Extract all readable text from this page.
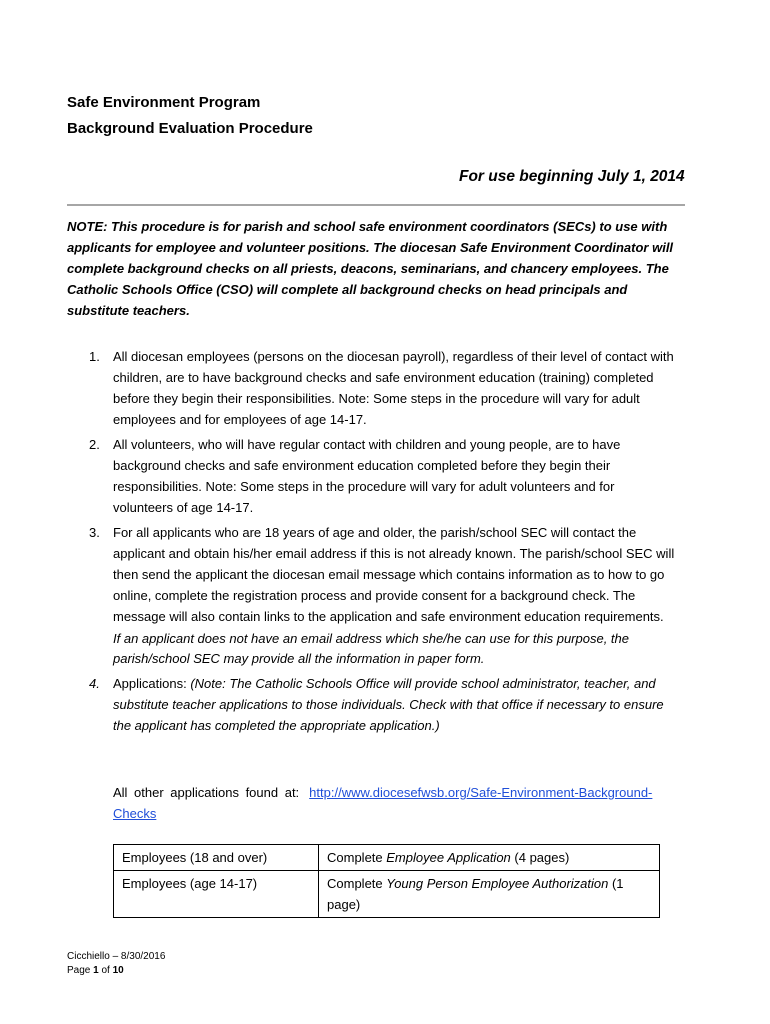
Safe Environment Program
Background Evaluation Procedure
For use beginning July 1, 2014
NOTE: This procedure is for parish and school safe environment coordinators (SECs) to use with applicants for employee and volunteer positions. The diocesan Safe Environment Coordinator will complete background checks on all priests, deacons, seminarians, and chancery employees. The Catholic Schools Office (CSO) will complete all background checks on head principals and substitute teachers.
1. All diocesan employees (persons on the diocesan payroll), regardless of their level of contact with children, are to have background checks and safe environment education (training) completed before they begin their responsibilities. Note: Some steps in the procedure will vary for adult employees and for employees of age 14-17.
2. All volunteers, who will have regular contact with children and young people, are to have background checks and safe environment education completed before they begin their responsibilities. Note: Some steps in the procedure will vary for adult volunteers and for volunteers of age 14-17.
3. For all applicants who are 18 years of age and older, the parish/school SEC will contact the applicant and obtain his/her email address if this is not already known. The parish/school SEC will then send the applicant the diocesan email message which contains information as to how to go online, complete the registration process and provide consent for a background check. The message will also contain links to the application and safe environment education requirements.
If an applicant does not have an email address which she/he can use for this purpose, the parish/school SEC may provide all the information in paper form.
4. Applications: (Note: The Catholic Schools Office will provide school administrator, teacher, and substitute teacher applications to those individuals. Check with that office if necessary to ensure the applicant has completed the appropriate application.)
All other applications found at: http://www.diocesefwsb.org/Safe-Environment-Background-Checks
Employees (18 and over)	Complete Employee Application (4 pages)
Employees (age 14-17)	Complete Young Person Employee Authorization (1 page)
Cicchiello – 8/30/2016
Page 1 of 10
